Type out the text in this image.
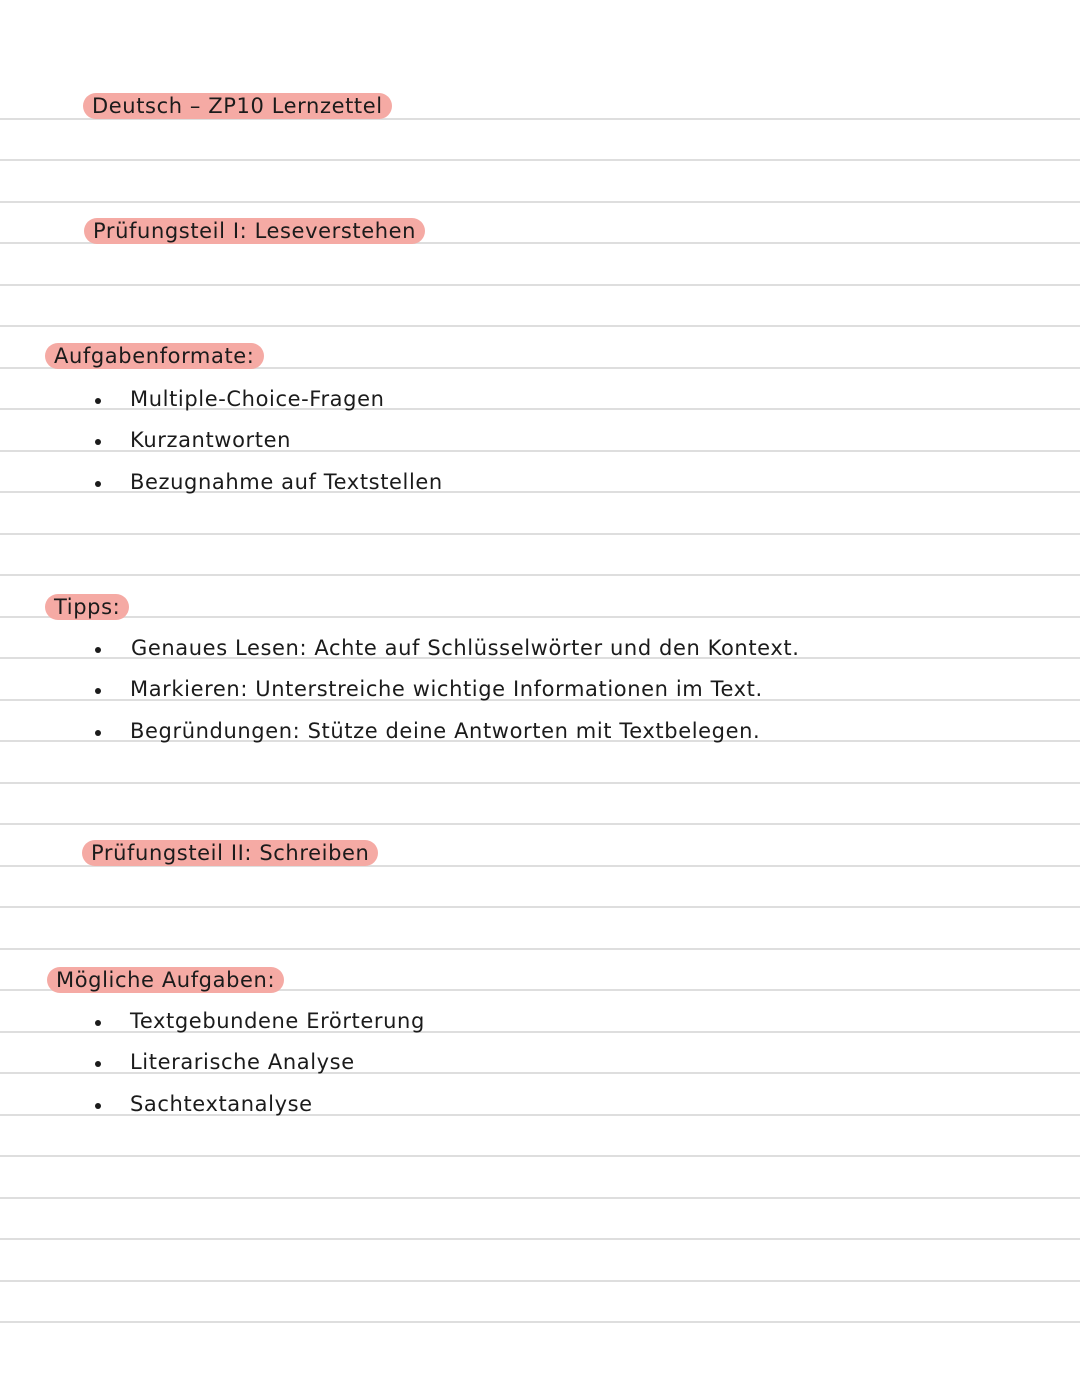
Deutsch – ZP10 Lernzettel
Prüfungsteil I: Leseverstehen
Aufgabenformate:
Multiple-Choice-Fragen
Kurzantworten
Bezugnahme auf Textstellen
Tipps:
Genaues Lesen: Achte auf Schlüsselwörter und den Kontext.
Markieren: Unterstreiche wichtige Informationen im Text.
Begründungen: Stütze deine Antworten mit Textbelegen.
Prüfungsteil II: Schreiben
Mögliche Aufgaben:
Textgebundene Erörterung
Literarische Analyse
Sachtextanalyse
